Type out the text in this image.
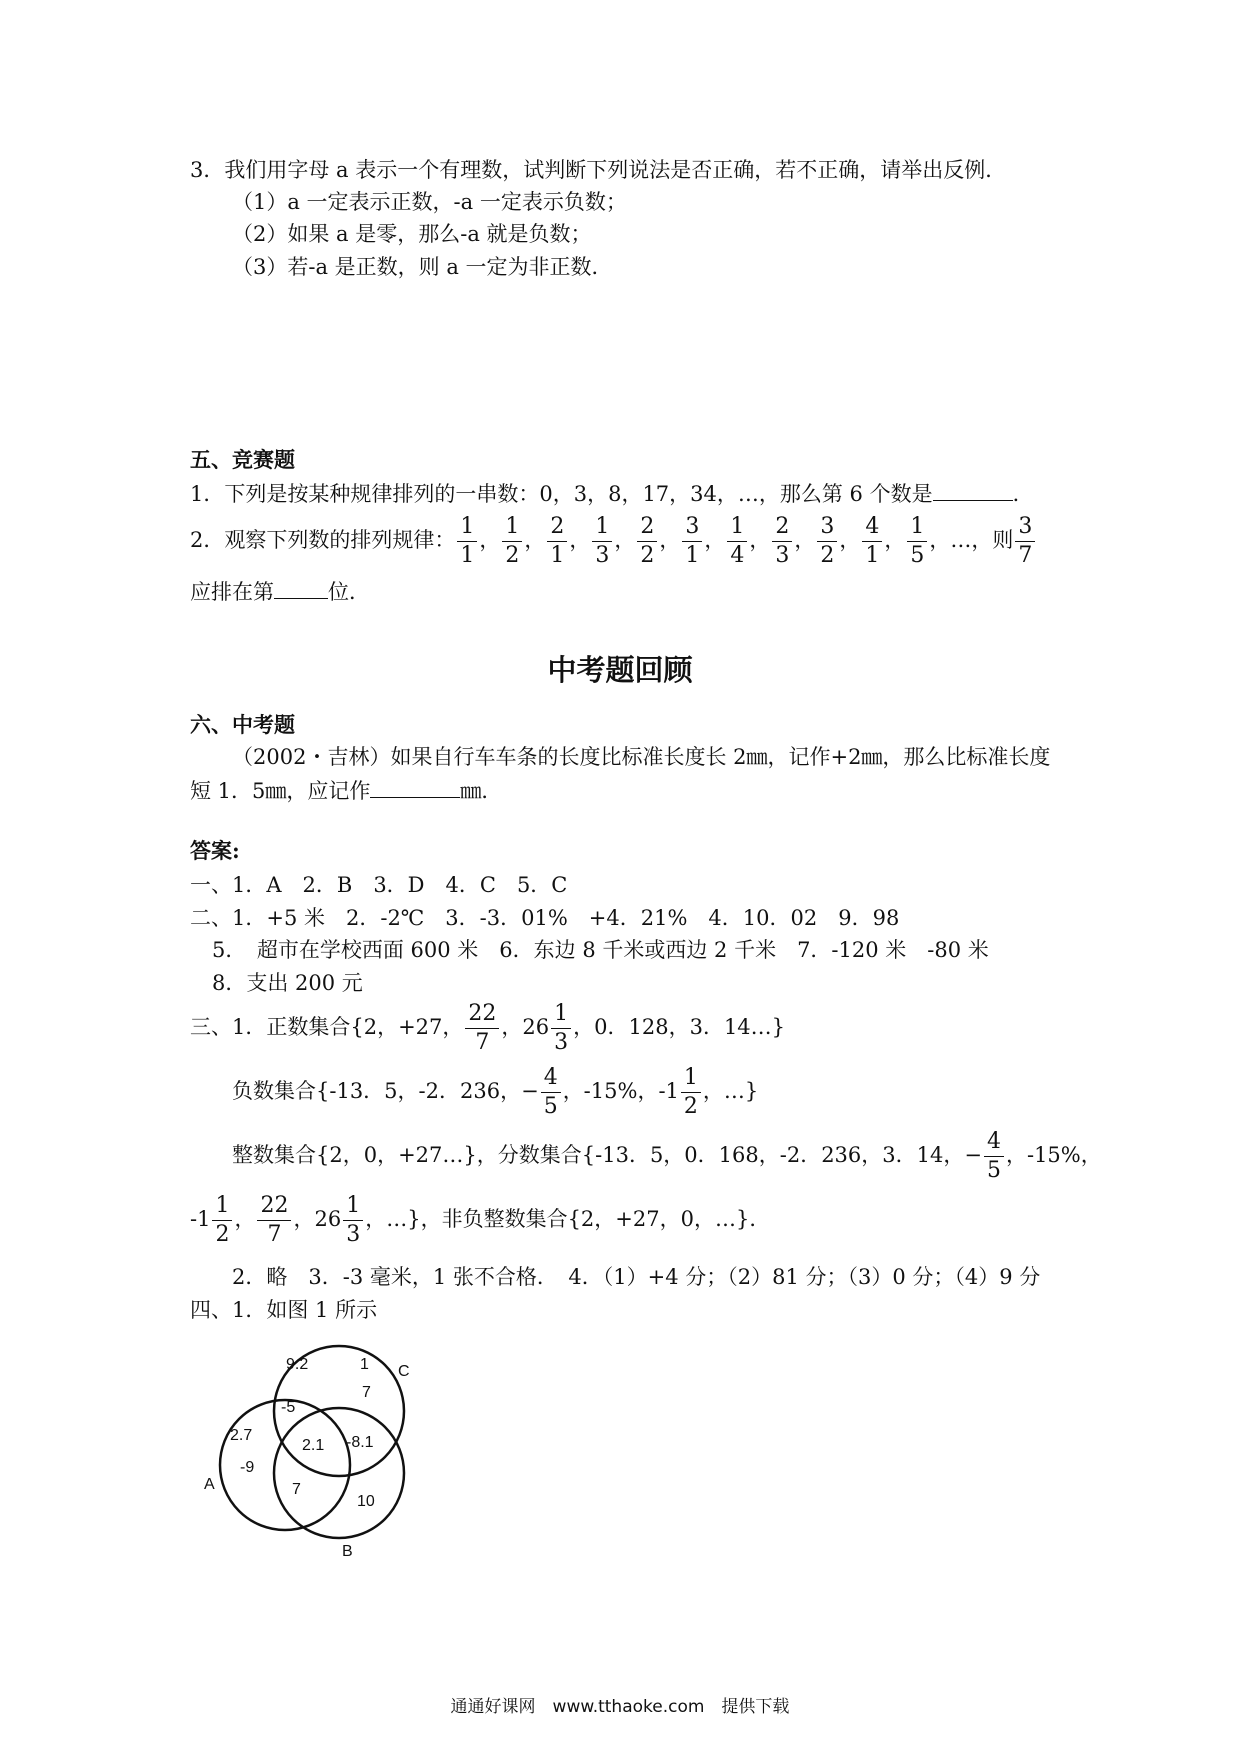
3．我们用字母 a 表示一个有理数，试判断下列说法是否正确，若不正确，请举出反例．
（1）a 一定表示正数，-a 一定表示负数；
（2）如果 a 是零，那么-a 就是负数；
（3）若-a 是正数，则 a 一定为非正数．
五、竞赛题
1．下列是按某种规律排列的一串数：0，3，8，17，34，…，那么第 6 个数是	．
2．观察下列数的排列规律： $\frac{1}{1}$ ， $\frac{1}{2}$ ， $\frac{2}{1}$ ， $\frac{1}{3}$ ， $\frac{2}{2}$ ， $\frac{3}{1}$ ， $\frac{1}{4}$ ， $\frac{2}{3}$ ， $\frac{3}{2}$ ， $\frac{4}{1}$ ， $\frac{1}{5}$ ，…，则 $\frac{3}{7}$
应排在第	位．
中考题回顾
六、中考题
（2002・吉林）如果自行车车条的长度比标准长度长 2㎜，记作+2㎜，那么比标准长度
短 1．5㎜，应记作	㎜．
答案:
一、1．A　2．B　3．D　4．C　5．C
二、1．+5 米　2．-2℃　3．-3．01%　+4．21%　4．10．02　9．98
5．　超市在学校西面 600 米　6．东边 8 千米或西边 2 千米　7．-120 米　-80 米
8．支出 200 元
三、1．正数集合{2，+27， $\frac{22}{7}$ ，$26 \frac{1}{3}$ ，0．128，3．14…}
负数集合{-13．5，-2．236，− $\frac{4}{5}$ ，-15%，$-1 \frac{1}{2}$ ，…}
整数集合{2，0，+27…}，分数集合{-13．5，0．168，-2．236，3．14，− $\frac{4}{5}$ ，-15%，
$-1 \frac{1}{2}$ ， $\frac{22}{7}$ ，$26 \frac{1}{3}$ ，…}，非负整数集合{2，+27，0，…}．
2．略　3．-3 毫米，1 张不合格．　4．（1）+4 分；（2）81 分；（3）0 分；（4）9 分
四、1．如图 1 所示
C
A
B
9.2	1
7
-5
2.7
2.1 -8.1
-9
7
10
通通好课网　www.tthaoke.com　提供下载
